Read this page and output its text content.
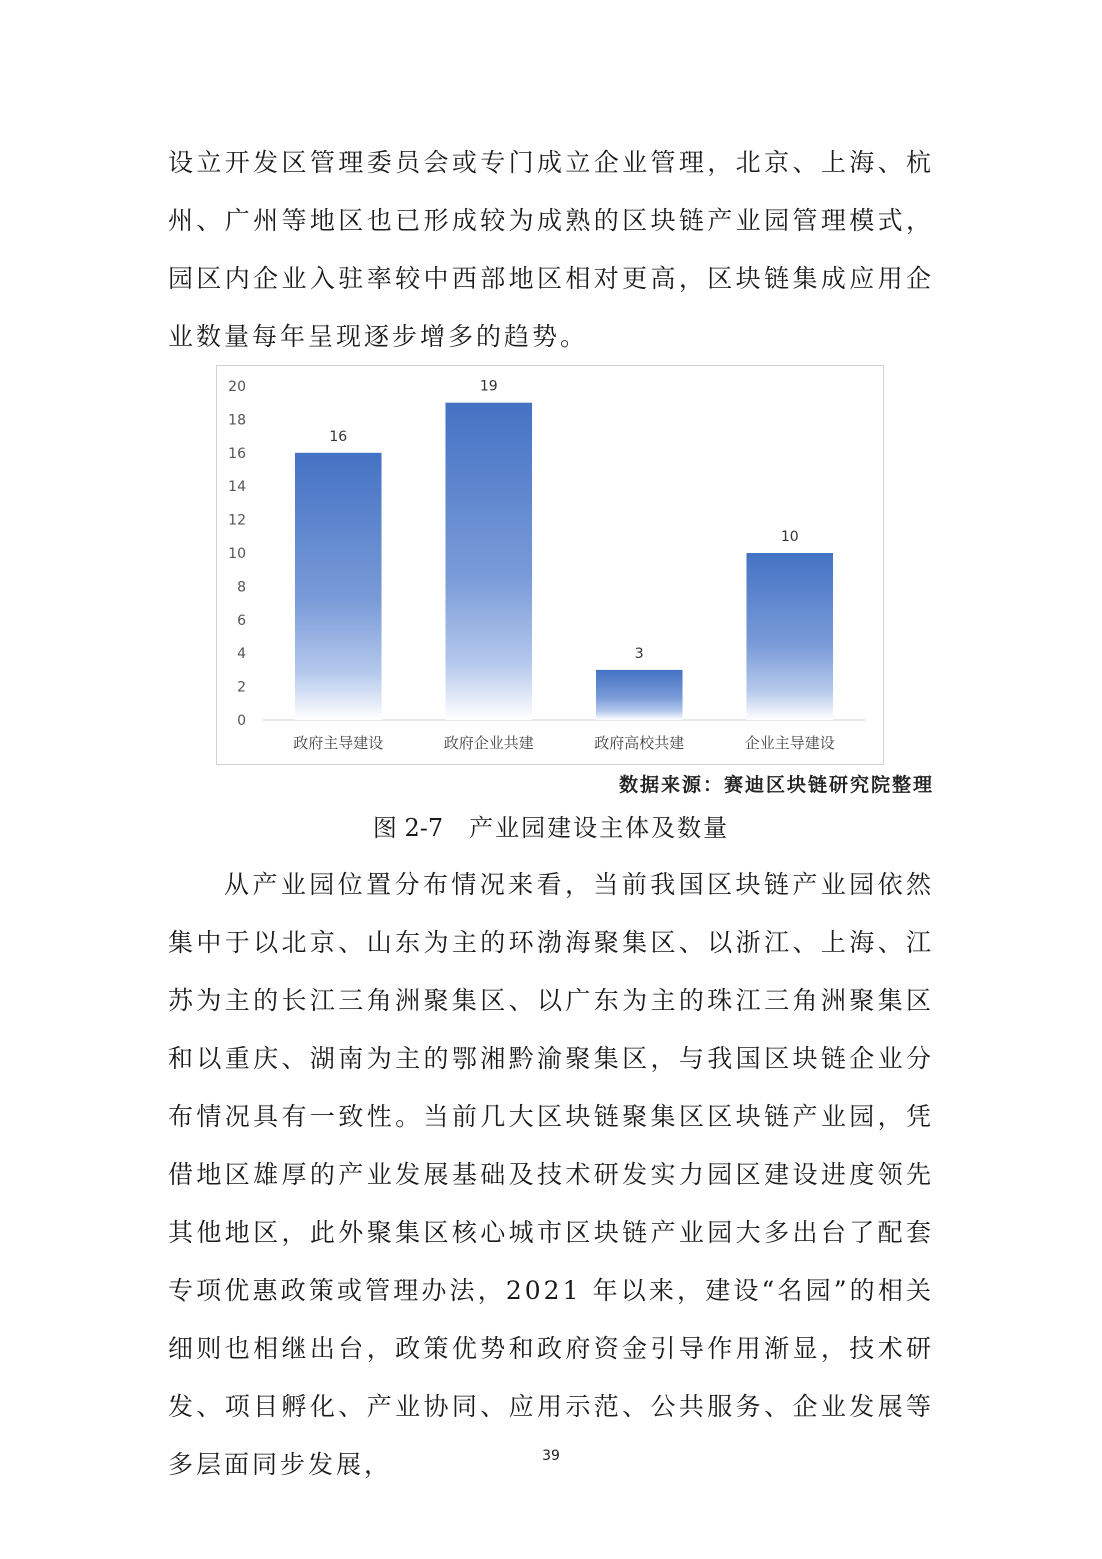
设立开发区管理委员会或专门成立企业管理，北京、上海、杭州、广州等地区也已形成较为成熟的区块链产业园管理模式，园区内企业入驻率较中西部地区相对更高，区块链集成应用企业数量每年呈现逐步增多的趋势。

0
2
4
6
8
10
12
14
16
18
20
16
政府主导建设
19
政府企业共建
3
政府高校共建
10
企业主导建设

数据来源：赛迪区块链研究院整理

图 2-7 产业园建设主体及数量

从产业园位置分布情况来看，当前我国区块链产业园依然集中于以北京、山东为主的环渤海聚集区、以浙江、上海、江苏为主的长江三角洲聚集区、以广东为主的珠江三角洲聚集区和以重庆、湖南为主的鄂湘黔渝聚集区，与我国区块链企业分布情况具有一致性。当前几大区块链聚集区区块链产业园，凭借地区雄厚的产业发展基础及技术研发实力园区建设进度领先其他地区，此外聚集区核心城市区块链产业园大多出台了配套专项优惠政策或管理办法，2021 年以来，建设“名园”的相关细则也相继出台，政策优势和政府资金引导作用渐显，技术研发、项目孵化、产业协同、应用示范、公共服务、企业发展等多层面同步发展，	39
